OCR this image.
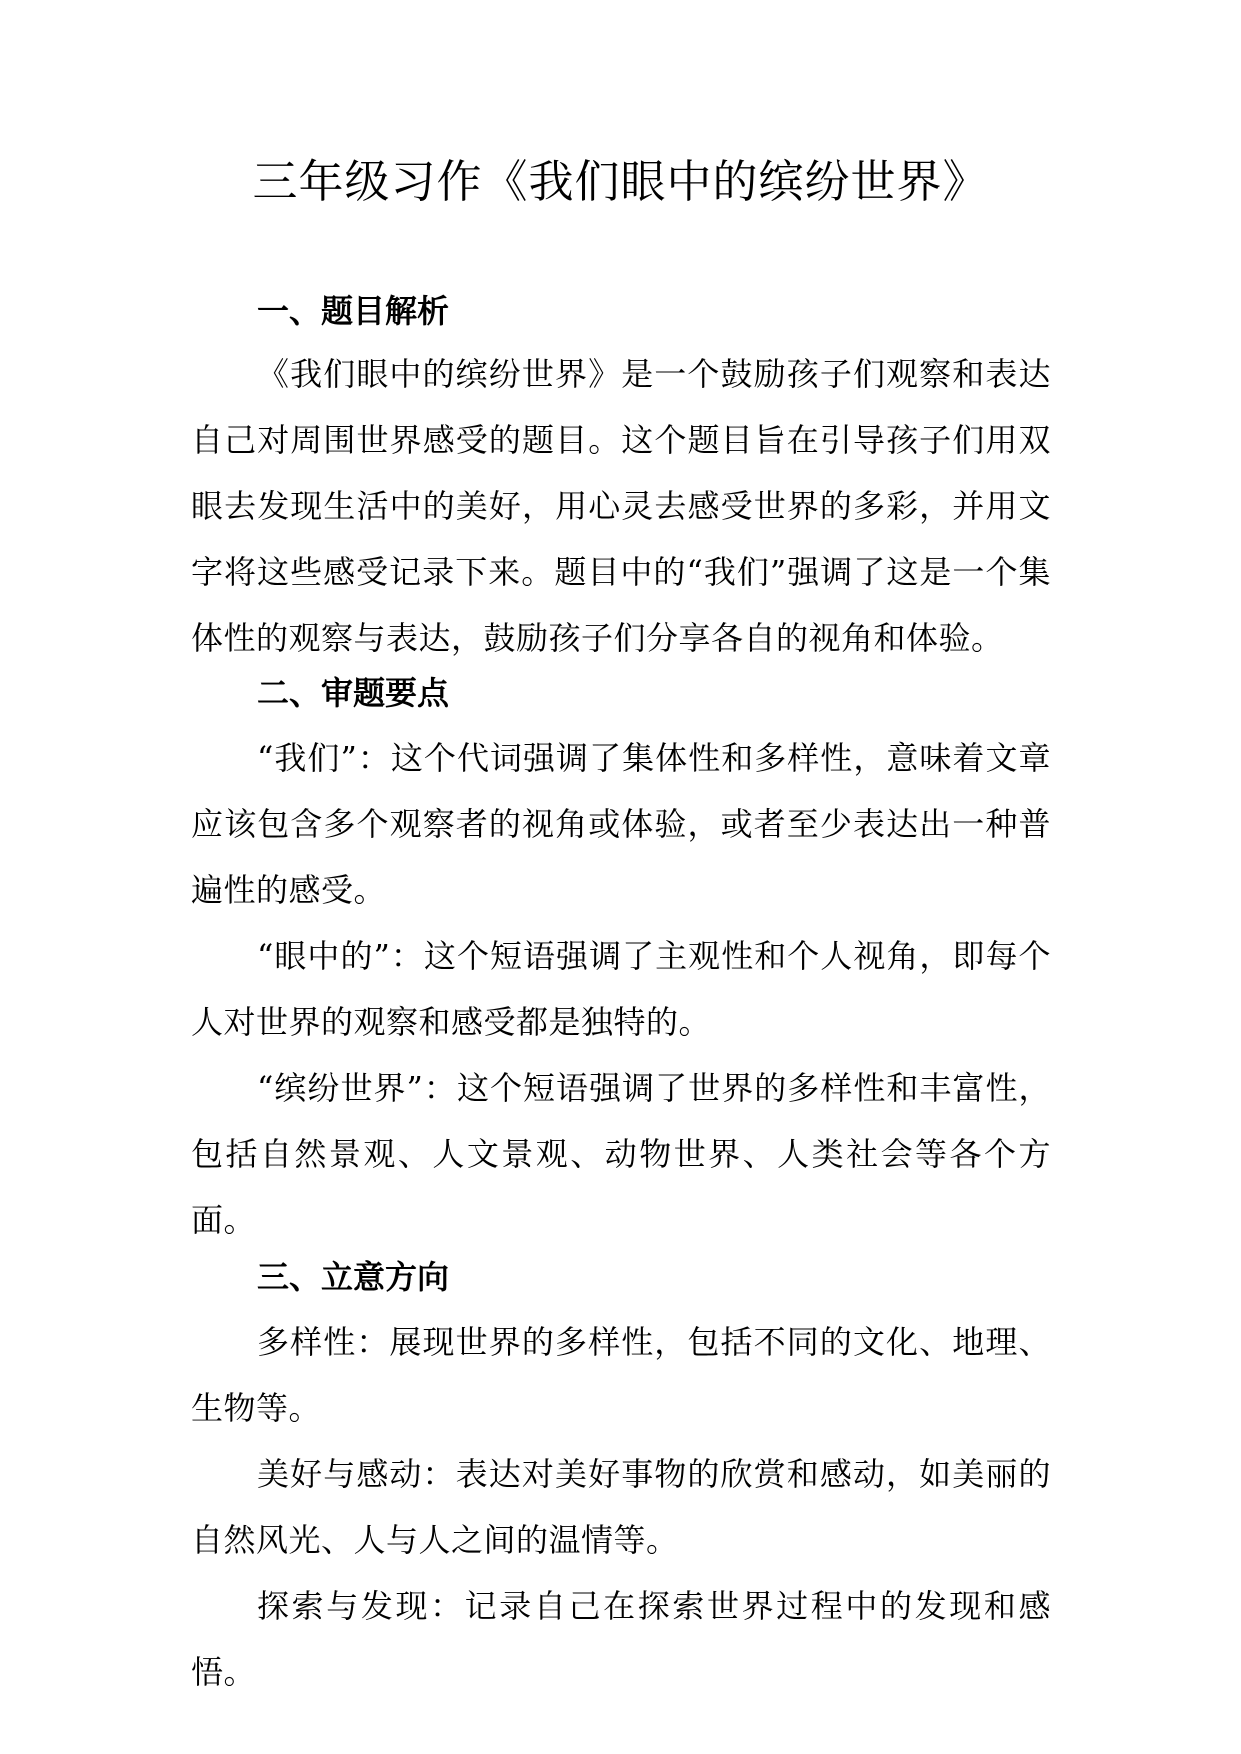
三年级习作《我们眼中的缤纷世界》
一、题目解析

《我们眼中的缤纷世界》是一个鼓励孩子们观察和表达自己对周围世界感受的题目。这个题目旨在引导孩子们用双眼去发现生活中的美好，用心灵去感受世界的多彩，并用文字将这些感受记录下来。题目中的“我们”强调了这是一个集体性的观察与表达，鼓励孩子们分享各自的视角和体验。

二、审题要点

“我们”：这个代词强调了集体性和多样性，意味着文章应该包含多个观察者的视角或体验，或者至少表达出一种普遍性的感受。

“眼中的”：这个短语强调了主观性和个人视角，即每个人对世界的观察和感受都是独特的。

“缤纷世界”：这个短语强调了世界的多样性和丰富性，包括自然景观、人文景观、动物世界、人类社会等各个方面。

三、立意方向

多样性：展现世界的多样性，包括不同的文化、地理、生物等。

美好与感动：表达对美好事物的欣赏和感动，如美丽的自然风光、人与人之间的温情等。

探索与发现：记录自己在探索世界过程中的发现和感悟。
